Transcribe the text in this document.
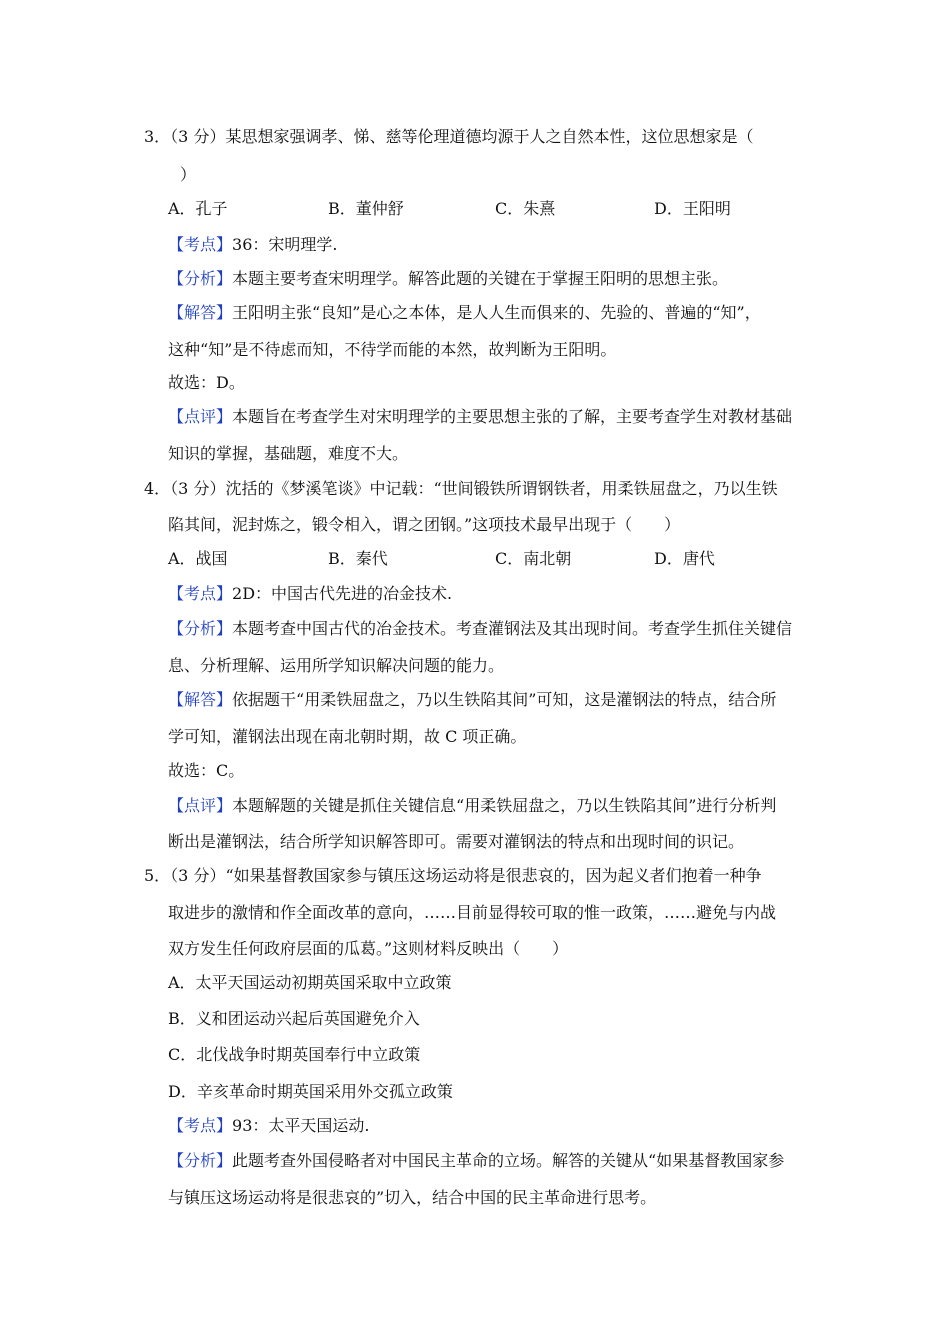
3．（3 分）某思想家强调孝、悌、慈等伦理道德均源于人之自然本性，这位思想家是（
）
A．孔子	B．董仲舒	C．朱熹	D．王阳明
【考点】36：宋明理学.
【分析】本题主要考查宋明理学。解答此题的关键在于掌握王阳明的思想主张。
【解答】王阳明主张“良知”是心之本体，是人人生而俱来的、先验的、普遍的“知”，
这种“知”是不待虑而知，不待学而能的本然，故判断为王阳明。
故选：D。
【点评】本题旨在考查学生对宋明理学的主要思想主张的了解，主要考查学生对教材基础
知识的掌握，基础题，难度不大。
4．（3 分）沈括的《梦溪笔谈》中记载：“世间锻铁所谓钢铁者，用柔铁屈盘之，乃以生铁
陷其间，泥封炼之，锻令相入，谓之团钢。”这项技术最早出现于（　　）
A．战国	B．秦代	C．南北朝	D．唐代
【考点】2D：中国古代先进的冶金技术.
【分析】本题考查中国古代的冶金技术。考查灌钢法及其出现时间。考查学生抓住关键信
息、分析理解、运用所学知识解决问题的能力。
【解答】依据题干“用柔铁屈盘之，乃以生铁陷其间”可知，这是灌钢法的特点，结合所
学可知，灌钢法出现在南北朝时期，故 C 项正确。
故选：C。
【点评】本题解题的关键是抓住关键信息“用柔铁屈盘之，乃以生铁陷其间”进行分析判
断出是灌钢法，结合所学知识解答即可。需要对灌钢法的特点和出现时间的识记。
5．（3 分）“如果基督教国家参与镇压这场运动将是很悲哀的，因为起义者们抱着一种争
取进步的激情和作全面改革的意向，……目前显得较可取的惟一政策，……避免与内战
双方发生任何政府层面的瓜葛。”这则材料反映出（　　）
A．太平天国运动初期英国采取中立政策
B．义和团运动兴起后英国避免介入
C．北伐战争时期英国奉行中立政策
D．辛亥革命时期英国采用外交孤立政策
【考点】93：太平天国运动.
【分析】此题考查外国侵略者对中国民主革命的立场。解答的关键从“如果基督教国家参
与镇压这场运动将是很悲哀的”切入，结合中国的民主革命进行思考。
